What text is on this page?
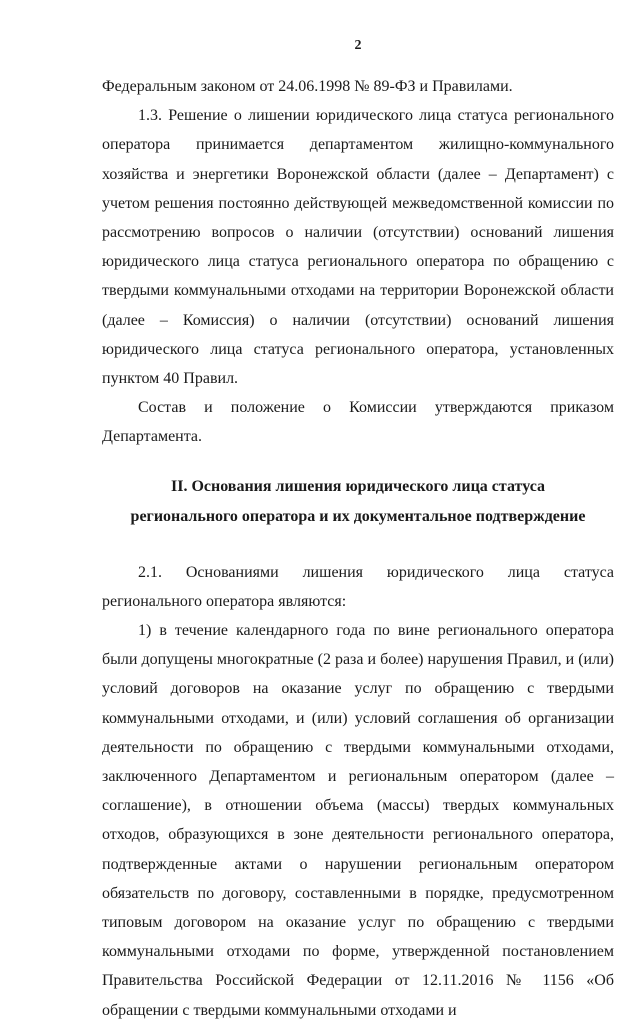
2

Федеральным законом от 24.06.1998 № 89-ФЗ и Правилами.

1.3. Решение о лишении юридического лица статуса регионального оператора принимается департаментом жилищно-коммунального хозяйства и энергетики Воронежской области (далее – Департамент) с учетом решения постоянно действующей межведомственной комиссии по рассмотрению вопросов о наличии (отсутствии) оснований лишения юридического лица статуса регионального оператора по обращению с твердыми коммунальными отходами на территории Воронежской области (далее – Комиссия) о наличии (отсутствии) оснований лишения юридического лица статуса регионального оператора, установленных пунктом 40 Правил.

Состав и положение о Комиссии утверждаются приказом Департамента.

II. Основания лишения юридического лица статуса
регионального оператора и их документальное подтверждение

2.1. Основаниями лишения юридического лица статуса регионального оператора являются:

1) в течение календарного года по вине регионального оператора были допущены многократные (2 раза и более) нарушения Правил, и (или) условий договоров на оказание услуг по обращению с твердыми коммунальными отходами, и (или) условий соглашения об организации деятельности по обращению с твердыми коммунальными отходами, заключенного Департаментом и региональным оператором (далее – соглашение), в отношении объема (массы) твердых коммунальных отходов, образующихся в зоне деятельности регионального оператора, подтвержденные актами о нарушении региональным оператором обязательств по договору, составленными в порядке, предусмотренном типовым договором на оказание услуг по обращению с твердыми коммунальными отходами по форме, утвержденной постановлением Правительства Российской Федерации от 12.11.2016 № 1156 «Об обращении с твердыми коммунальными отходами и
